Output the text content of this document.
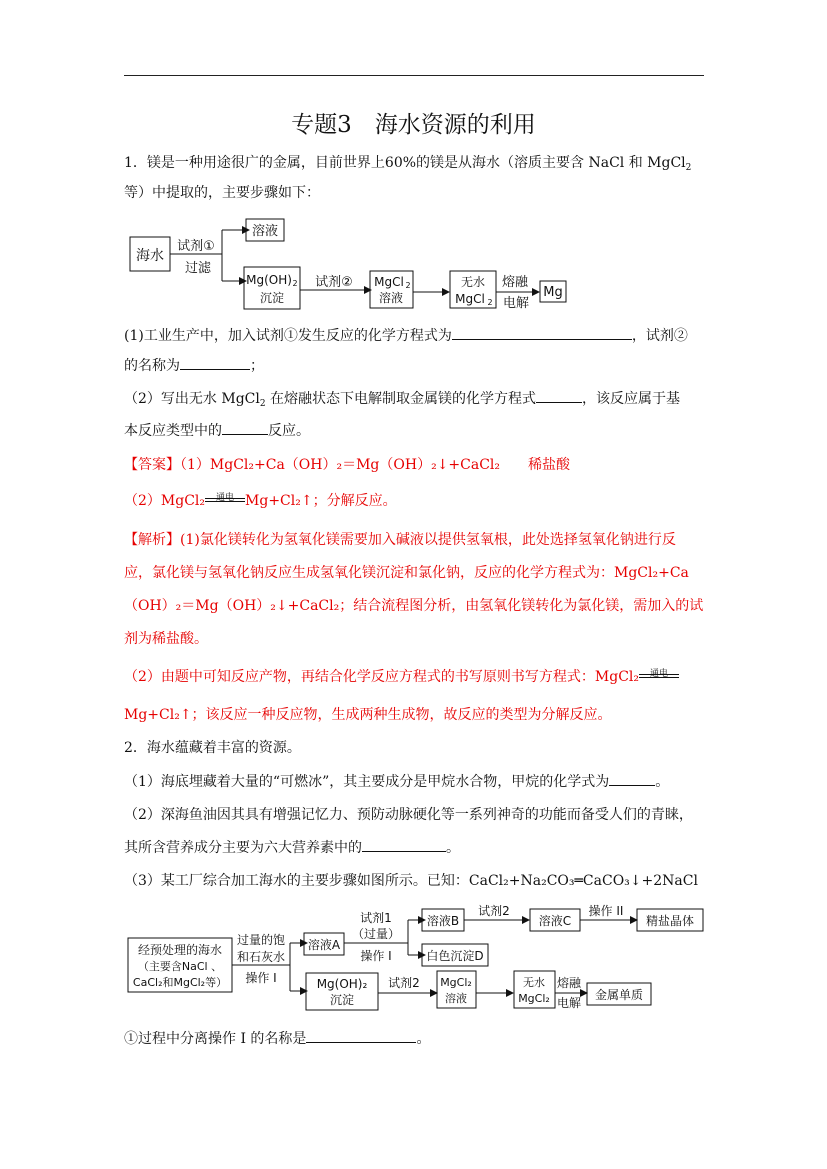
专题3　海水资源的利用
1．镁是一种用途很广的金属，目前世界上60%的镁是从海水（溶质主要含 NaCl 和 MgCl$_2$
等）中提取的，主要步骤如下：
海水
试剂①
过滤
溶液
Mg(OH) 2
沉淀
试剂② MgCl 2
溶液
无水
MgCl 2
熔融
电解
Mg
(1)工业生产中，加入试剂①发生反应的化学方程式为	，试剂②
的名称为	；
（2）写出无水 MgCl$_2$ 在熔融状态下电解制取金属镁的化学方程式	，该反应属于基
本反应类型中的	反应。
【答案】（1）MgCl₂+Ca（OH）₂＝Mg（OH）₂↓+CaCl₂　　稀盐酸
（2）MgCl₂	通电 Mg+Cl₂↑；分解反应。
【解析】(1)氯化镁转化为氢氧化镁需要加入碱液以提供氢氧根，此处选择氢氧化钠进行反
应，氯化镁与氢氧化钠反应生成氢氧化镁沉淀和氯化钠，反应的化学方程式为：MgCl₂+Ca
（OH）₂＝Mg（OH）₂↓+CaCl₂；结合流程图分析，由氢氧化镁转化为氯化镁，需加入的试
剂为稀盐酸。
（2）由题中可知反应产物，再结合化学反应方程式的书写原则书写方程式：MgCl₂	通电
Mg+Cl₂↑；该反应一种反应物，生成两种生成物，故反应的类型为分解反应。
2．海水蕴藏着丰富的资源。
（1）海底埋藏着大量的“可燃冰”，其主要成分是甲烷水合物，甲烷的化学式为	。
（2）深海鱼油因其具有增强记忆力、预防动脉硬化等一系列神奇的功能而备受人们的青睐，
其所含营养成分主要为六大营养素中的	。
（3）某工厂综合加工海水的主要步骤如图所示。已知：CaCl₂+Na₂CO₃═CaCO₃↓+2NaCl
经预处理的海水
（主要含NaCl 、
CaCl₂和MgCl₂等）
过量的饱
和石灰水
操作 I
溶液A
Mg(OH)₂
沉淀
试剂1
（过量）
操作 I
溶液B
白色沉淀D
试剂2
溶液C
操作 II
精盐晶体
试剂2 MgCl₂
溶液
无水
MgCl₂
熔融
电解
金属单质
①过程中分离操作 I 的名称是	。
